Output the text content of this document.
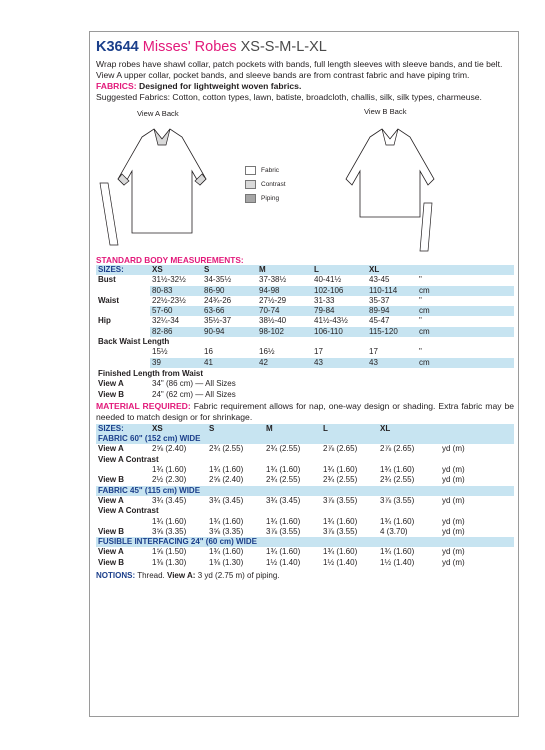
K3644 Misses' Robes XS-S-M-L-XL
Wrap robes have shawl collar, patch pockets with bands, full length sleeves with sleeve bands, and tie belt. View A upper collar, pocket bands, and sleeve bands are from contrast fabric and have piping trim.
FABRICS: Designed for lightweight woven fabrics.
Suggested Fabrics: Cotton, cotton types, lawn, batiste, broadcloth, challis, silk, silk types, charmeuse.
View A Back	View B Back
Fabric
Contrast
Piping
STANDARD BODY MEASUREMENTS:
SIZES:	XS	S	M	L	XL	
Bust	31½-32½	34-35½	37-38½	40-41½	43-45	"
	80-83	86-90	94-98	102-106	110-114	cm
Waist	22½-23½	24¾-26	27½-29	31-33	35-37	"
	57-60	63-66	70-74	79-84	89-94	cm
Hip	32¼-34	35½-37	38½-40	41½-43½	45-47	"
	82-86	90-94	98-102	106-110	115-120	cm
Back Waist Length						
	15½	16	16½	17	17	"
	39	41	42	43	43	cm
Finished Length from Waist	
View A	34" (86 cm) — All Sizes
View B	24" (62 cm) — All Sizes
MATERIAL REQUIRED: Fabric requirement allows for nap, one-way design or shading. Extra fabric may be needed to match design or for shrinkage.
SIZES:	XS	S	M	L	XL	
FABRIC 60" (152 cm) WIDE						
View A	2⅝ (2.40)	2¾ (2.55)	2¾ (2.55)	2⅞ (2.65)	2⅞ (2.65)	yd (m)
View A Contrast						
	1¾ (1.60)	1¾ (1.60)	1¾ (1.60)	1¾ (1.60)	1¾ (1.60)	yd (m)
View B	2½ (2.30)	2⅝ (2.40)	2¾ (2.55)	2¾ (2.55)	2¾ (2.55)	yd (m)
FABRIC 45" (115 cm) WIDE						
View A	3¾ (3.45)	3¾ (3.45)	3¾ (3.45)	3⅞ (3.55)	3⅞ (3.55)	yd (m)
View A Contrast						
	1¾ (1.60)	1¾ (1.60)	1¾ (1.60)	1¾ (1.60)	1¾ (1.60)	yd (m)
View B	3⅝ (3.35)	3⅝ (3.35)	3⅞ (3.55)	3⅞ (3.55)	4 (3.70)	yd (m)
FUSIBLE INTERFACING 24" (60 cm) WIDE						
View A	1⅝ (1.50)	1¾ (1.60)	1¾ (1.60)	1¾ (1.60)	1¾ (1.60)	yd (m)
View B	1⅜ (1.30)	1⅜ (1.30)	1½ (1.40)	1½ (1.40)	1½ (1.40)	yd (m)
NOTIONS: Thread. View A: 3 yd (2.75 m) of piping.
